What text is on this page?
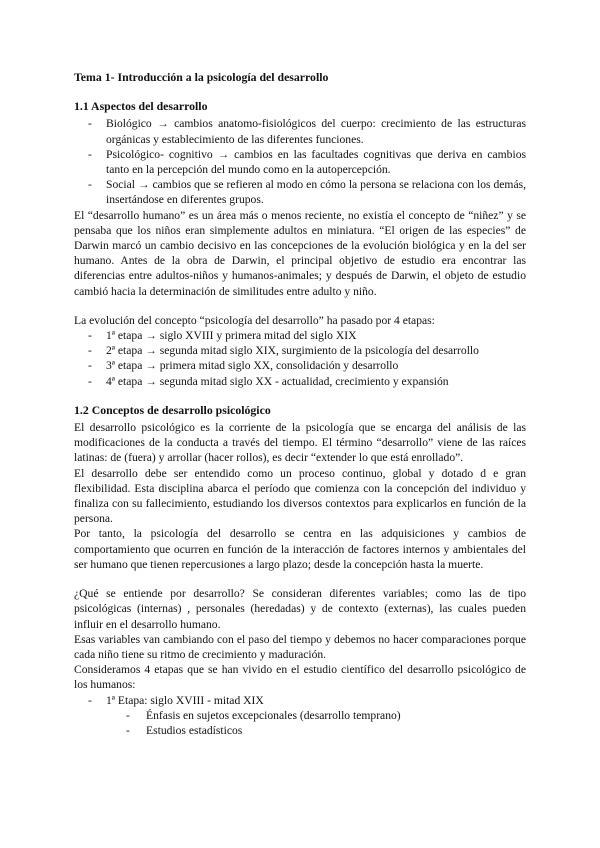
Tema 1- Introducción a la psicología del desarrollo
1.1 Aspectos del desarrollo
- Biológico → cambios anatomo-fisiológicos del cuerpo: crecimiento de las estructuras orgánicas y establecimiento de las diferentes funciones.
- Psicológico- cognitivo → cambios en las facultades cognitivas que deriva en cambios tanto en la percepción del mundo como en la autopercepción.
- Social → cambios que se refieren al modo en cómo la persona se relaciona con los demás, insertándose en diferentes grupos.

El “desarrollo humano” es un área más o menos reciente, no existía el concepto de “niñez” y se pensaba que los niños eran simplemente adultos en miniatura. “El origen de las especies” de Darwin marcó un cambio decisivo en las concepciones de la evolución biológica y en la del ser humano. Antes de la obra de Darwin, el principal objetivo de estudio era encontrar las diferencias entre adultos-niños y humanos-animales; y después de Darwin, el objeto de estudio cambió hacia la determinación de similitudes entre adulto y niño.

La evolución del concepto “psicología del desarrollo” ha pasado por 4 etapas:

- 1ª etapa → siglo XVIII y primera mitad del siglo XIX
- 2ª etapa → segunda mitad siglo XIX, surgimiento de la psicología del desarrollo
- 3ª etapa → primera mitad siglo XX, consolidación y desarrollo
- 4ª etapa → segunda mitad siglo XX - actualidad, crecimiento y expansión
1.2 Conceptos de desarrollo psicológico

El desarrollo psicológico es la corriente de la psicología que se encarga del análisis de las modificaciones de la conducta a través del tiempo. El término “desarrollo” viene de las raíces latinas: de (fuera) y arrollar (hacer rollos), es decir “extender lo que está enrollado”.

El desarrollo debe ser entendido como un proceso continuo, global y dotado d e gran flexibilidad. Esta disciplina abarca el período que comienza con la concepción del individuo y finaliza con su fallecimiento, estudiando los diversos contextos para explicarlos en función de la persona.

Por tanto, la psicología del desarrollo se centra en las adquisiciones y cambios de comportamiento que ocurren en función de la interacción de factores internos y ambientales del ser humano que tienen repercusiones a largo plazo; desde la concepción hasta la muerte.

¿Qué se entiende por desarrollo? Se consideran diferentes variables; como las de tipo psicológicas (internas) , personales (heredadas) y de contexto (externas), las cuales pueden influir en el desarrollo humano.

Esas variables van cambiando con el paso del tiempo y debemos no hacer comparaciones porque cada niño tiene su ritmo de crecimiento y maduración.

Consideramos 4 etapas que se han vivido en el estudio científico del desarrollo psicológico de los humanos:

- 1ª Etapa: siglo XVIII - mitad XIX
- Énfasis en sujetos excepcionales (desarrollo temprano)
- Estudios estadísticos
